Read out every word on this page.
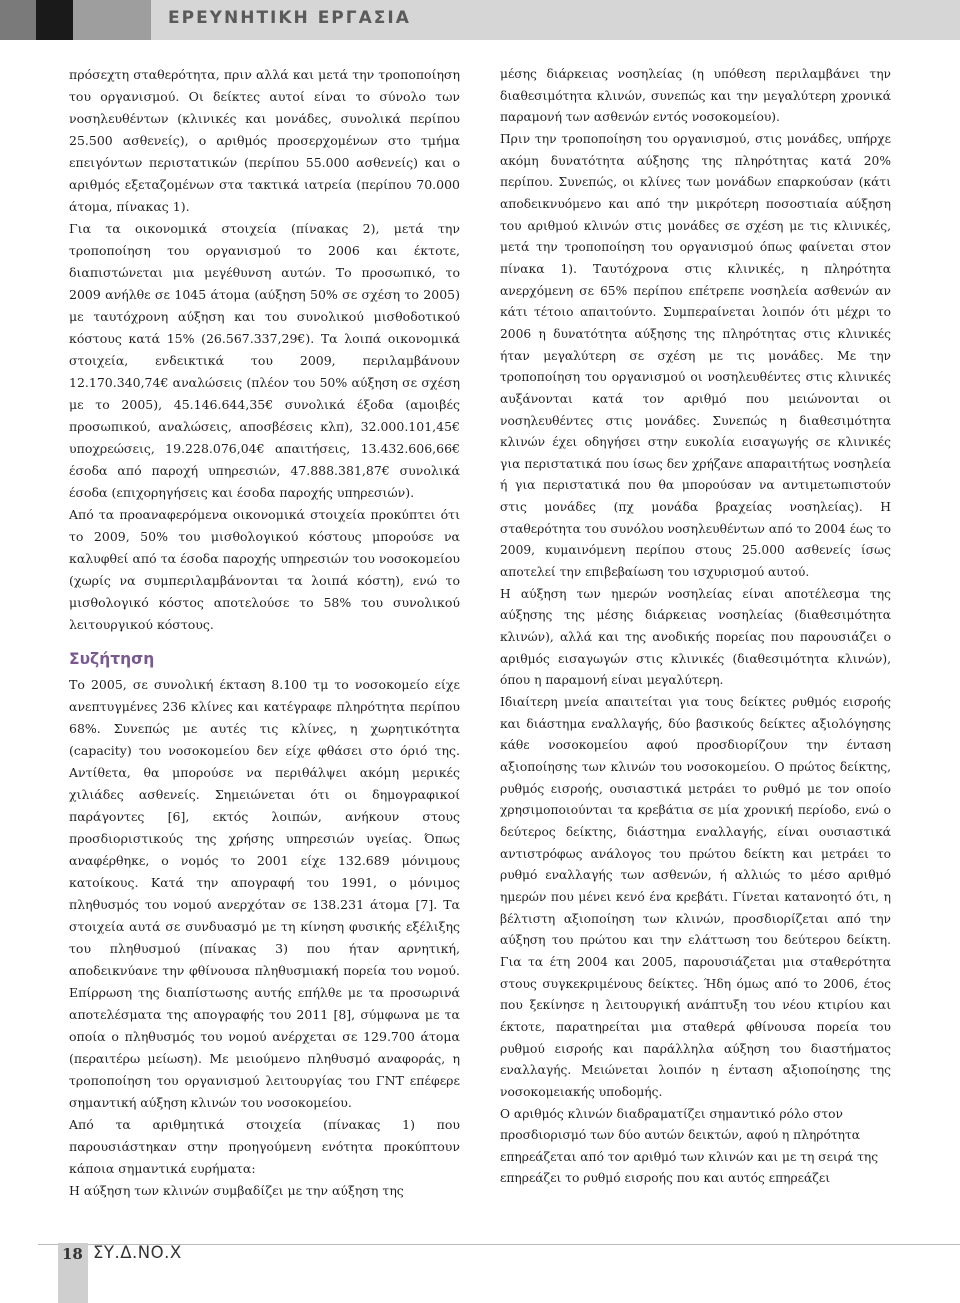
ΕΡΕΥΝΗΤΙΚΗ ΕΡΓΑΣΙΑ

πρόσεχτη σταθερότητα, πριν αλλά και μετά την τροποποίηση του οργανισμού. Οι δείκτες αυτοί είναι το σύνολο των νοσηλευθέντων (κλινικές και μονάδες, συνολικά περίπου 25.500 ασθενείς), ο αριθμός προσερχομένων στο τμήμα επειγόντων περιστατικών (περίπου 55.000 ασθενείς) και ο αριθμός εξεταζομένων στα τακτικά ιατρεία (περίπου 70.000 άτομα, πίνακας 1).

Για τα οικονομικά στοιχεία (πίνακας 2), μετά την τροποποίηση του οργανισμού το 2006 και έκτοτε, διαπιστώνεται μια μεγέθυνση αυτών. Το προσωπικό, το 2009 ανήλθε σε 1045 άτομα (αύξηση 50% σε σχέση το 2005) με ταυτόχρονη αύξηση και του συνολικού μισθοδοτικού κόστους κατά 15% (26.567.337,29€). Τα λοιπά οικονομικά στοιχεία, ενδεικτικά του 2009, περιλαμβάνουν 12.170.340,74€ αναλώσεις (πλέον του 50% αύξηση σε σχέση με το 2005), 45.146.644,35€ συνολικά έξοδα (αμοιβές προσωπικού, αναλώσεις, αποσβέσεις κλπ), 32.000.101,45€ υποχρεώσεις, 19.228.076,04€ απαιτήσεις, 13.432.606,66€ έσοδα από παροχή υπηρεσιών, 47.888.381,87€ συνολικά έσοδα (επιχορηγήσεις και έσοδα παροχής υπηρεσιών).

Από τα προαναφερόμενα οικονομικά στοιχεία προκύπτει ότι το 2009, 50% του μισθολογικού κόστους μπορούσε να καλυφθεί από τα έσοδα παροχής υπηρεσιών του νοσοκομείου (χωρίς να συμπεριλαμβάνονται τα λοιπά κόστη), ενώ το μισθολογικό κόστος αποτελούσε το 58% του συνολικού λειτουργικού κόστους.

Συζήτηση

Το 2005, σε συνολική έκταση 8.100 τμ το νοσοκομείο είχε ανεπτυγμένες 236 κλίνες και κατέγραφε πληρότητα περίπου 68%. Συνεπώς με αυτές τις κλίνες, η χωρητικότητα (capacity) του νοσοκομείου δεν είχε φθάσει στο όριό της. Αντίθετα, θα μπορούσε να περιθάλψει ακόμη μερικές χιλιάδες ασθενείς. Σημειώνεται ότι οι δημογραφικοί παράγοντες [6], εκτός λοιπών, ανήκουν στους προσδιοριστικούς της χρήσης υπηρεσιών υγείας. Όπως αναφέρθηκε, ο νομός το 2001 είχε 132.689 μόνιμους κατοίκους. Κατά την απογραφή του 1991, ο μόνιμος πληθυσμός του νομού ανερχόταν σε 138.231 άτομα [7]. Τα στοιχεία αυτά σε συνδυασμό με τη κίνηση φυσικής εξέλιξης του πληθυσμού (πίνακας 3) που ήταν αρνητική, αποδεικνύανε την φθίνουσα πληθυσμιακή πορεία του νομού. Επίρρωση της διαπίστωσης αυτής επήλθε με τα προσωρινά αποτελέσματα της απογραφής του 2011 [8], σύμφωνα με τα οποία ο πληθυσμός του νομού ανέρχεται σε 129.700 άτομα (περαιτέρω μείωση). Με μειούμενο πληθυσμό αναφοράς, η τροποποίηση του οργανισμού λειτουργίας του ΓΝΤ επέφερε σημαντική αύξηση κλινών του νοσοκομείου.

Από τα αριθμητικά στοιχεία (πίνακας 1) που παρουσιάστηκαν στην προηγούμενη ενότητα προκύπτουν κάποια σημαντικά ευρήματα:

Η αύξηση των κλινών συμβαδίζει με την αύξηση της

μέσης διάρκειας νοσηλείας (η υπόθεση περιλαμβάνει την διαθεσιμότητα κλινών, συνεπώς και την μεγαλύτερη χρονικά παραμονή των ασθενών εντός νοσοκομείου).

Πριν την τροποποίηση του οργανισμού, στις μονάδες, υπήρχε ακόμη δυνατότητα αύξησης της πληρότητας κατά 20% περίπου. Συνεπώς, οι κλίνες των μονάδων επαρκούσαν (κάτι αποδεικνυόμενο και από την μικρότερη ποσοστιαία αύξηση του αριθμού κλινών στις μονάδες σε σχέση με τις κλινικές, μετά την τροποποίηση του οργανισμού όπως φαίνεται στον πίνακα 1). Ταυτόχρονα στις κλινικές, η πληρότητα ανερχόμενη σε 65% περίπου επέτρεπε νοσηλεία ασθενών αν κάτι τέτοιο απαιτούντο. Συμπεραίνεται λοιπόν ότι μέχρι το 2006 η δυνατότητα αύξησης της πληρότητας στις κλινικές ήταν μεγαλύτερη σε σχέση με τις μονάδες. Με την τροποποίηση του οργανισμού οι νοσηλευθέντες στις κλινικές αυξάνονται κατά τον αριθμό που μειώνονται οι νοσηλευθέντες στις μονάδες. Συνεπώς η διαθεσιμότητα κλινών έχει οδηγήσει στην ευκολία εισαγωγής σε κλινικές για περιστατικά που ίσως δεν χρήζανε απαραιτήτως νοσηλεία ή για περιστατικά που θα μπορούσαν να αντιμετωπιστούν στις μονάδες (πχ μονάδα βραχείας νοσηλείας). Η σταθερότητα του συνόλου νοσηλευθέντων από το 2004 έως το 2009, κυμαινόμενη περίπου στους 25.000 ασθενείς ίσως αποτελεί την επιβεβαίωση του ισχυρισμού αυτού.

Η αύξηση των ημερών νοσηλείας είναι αποτέλεσμα της αύξησης της μέσης διάρκειας νοσηλείας (διαθεσιμότητα κλινών), αλλά και της ανοδικής πορείας που παρουσιάζει ο αριθμός εισαγωγών στις κλινικές (διαθεσιμότητα κλινών), όπου η παραμονή είναι μεγαλύτερη.

Ιδιαίτερη μνεία απαιτείται για τους δείκτες ρυθμός εισροής και διάστημα εναλλαγής, δύο βασικούς δείκτες αξιολόγησης κάθε νοσοκομείου αφού προσδιορίζουν την ένταση αξιοποίησης των κλινών του νοσοκομείου. Ο πρώτος δείκτης, ρυθμός εισροής, ουσιαστικά μετράει το ρυθμό με τον οποίο χρησιμοποιούνται τα κρεβάτια σε μία χρονική περίοδο, ενώ ο δεύτερος δείκτης, διάστημα εναλλαγής, είναι ουσιαστικά αντιστρόφως ανάλογος του πρώτου δείκτη και μετράει το ρυθμό εναλλαγής των ασθενών, ή αλλιώς το μέσο αριθμό ημερών που μένει κενό ένα κρεβάτι. Γίνεται κατανοητό ότι, η βέλτιστη αξιοποίηση των κλινών, προσδιορίζεται από την αύξηση του πρώτου και την ελάττωση του δεύτερου δείκτη. Για τα έτη 2004 και 2005, παρουσιάζεται μια σταθερότητα στους συγκεκριμένους δείκτες. Ήδη όμως από το 2006, έτος που ξεκίνησε η λειτουργική ανάπτυξη του νέου κτιρίου και έκτοτε, παρατηρείται μια σταθερά φθίνουσα πορεία του ρυθμού εισροής και παράλληλα αύξηση του διαστήματος εναλλαγής. Μειώνεται λοιπόν η ένταση αξιοποίησης της νοσοκομειακής υποδομής.

Ο αριθμός κλινών διαδραματίζει σημαντικό ρόλο στον προσδιορισμό των δύο αυτών δεικτών, αφού η πληρότητα επηρεάζεται από τον αριθμό των κλινών και με τη σειρά της επηρεάζει το ρυθμό εισροής που και αυτός επηρεάζει

18 ΣΥ.Δ.ΝΟ.Χ
